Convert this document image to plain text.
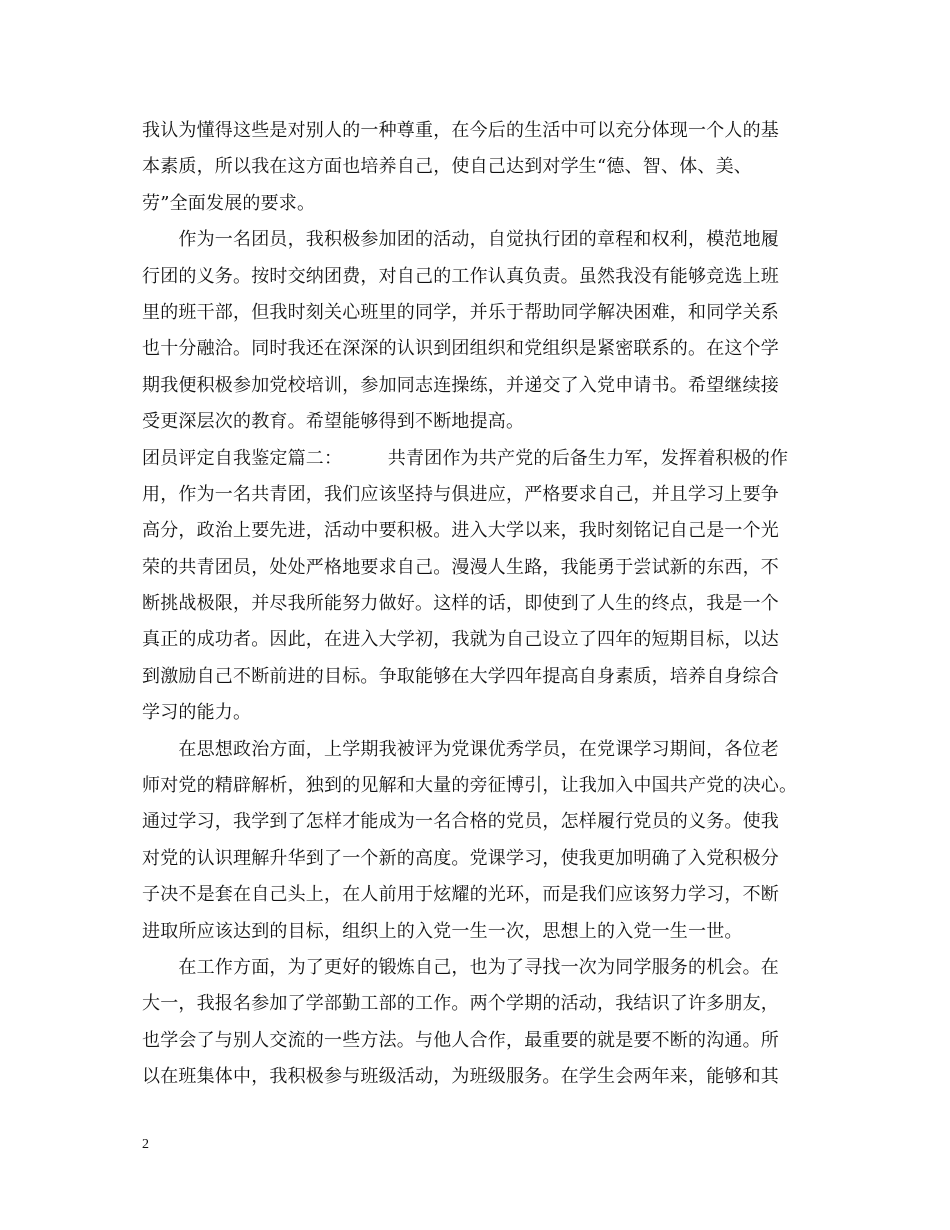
我认为懂得这些是对别人的一种尊重，在今后的生活中可以充分体现一个人的基
本素质，所以我在这方面也培养自己，使自己达到对学生“德、智、体、美、
劳”全面发展的要求。
　　作为一名团员，我积极参加团的活动，自觉执行团的章程和权利，模范地履
行团的义务。按时交纳团费，对自己的工作认真负责。虽然我没有能够竞选上班
里的班干部，但我时刻关心班里的同学，并乐于帮助同学解决困难，和同学关系
也十分融洽。同时我还在深深的认识到团组织和党组织是紧密联系的。在这个学
期我便积极参加党校培训，参加同志连操练，并递交了入党申请书。希望继续接
受更深层次的教育。希望能够得到不断地提高。
团员评定自我鉴定篇二：　　　共青团作为共产党的后备生力军，发挥着积极的作
用，作为一名共青团，我们应该坚持与俱进应，严格要求自己，并且学习上要争
高分，政治上要先进，活动中要积极。进入大学以来，我时刻铭记自己是一个光
荣的共青团员，处处严格地要求自己。漫漫人生路，我能勇于尝试新的东西，不
断挑战极限，并尽我所能努力做好。这样的话，即使到了人生的终点，我是一个
真正的成功者。因此，在进入大学初，我就为自己设立了四年的短期目标，以达
到激励自己不断前进的目标。争取能够在大学四年提高自身素质，培养自身综合
学习的能力。
　　在思想政治方面，上学期我被评为党课优秀学员，在党课学习期间，各位老
师对党的精辟解析，独到的见解和大量的旁征博引，让我加入中国共产党的决心。
通过学习，我学到了怎样才能成为一名合格的党员，怎样履行党员的义务。使我
对党的认识理解升华到了一个新的高度。党课学习，使我更加明确了入党积极分
子决不是套在自己头上，在人前用于炫耀的光环，而是我们应该努力学习，不断
进取所应该达到的目标，组织上的入党一生一次，思想上的入党一生一世。
　　在工作方面，为了更好的锻炼自己，也为了寻找一次为同学服务的机会。在
大一，我报名参加了学部勤工部的工作。两个学期的活动，我结识了许多朋友，
也学会了与别人交流的一些方法。与他人合作，最重要的就是要不断的沟通。所
以在班集体中，我积极参与班级活动，为班级服务。在学生会两年来，能够和其
2
